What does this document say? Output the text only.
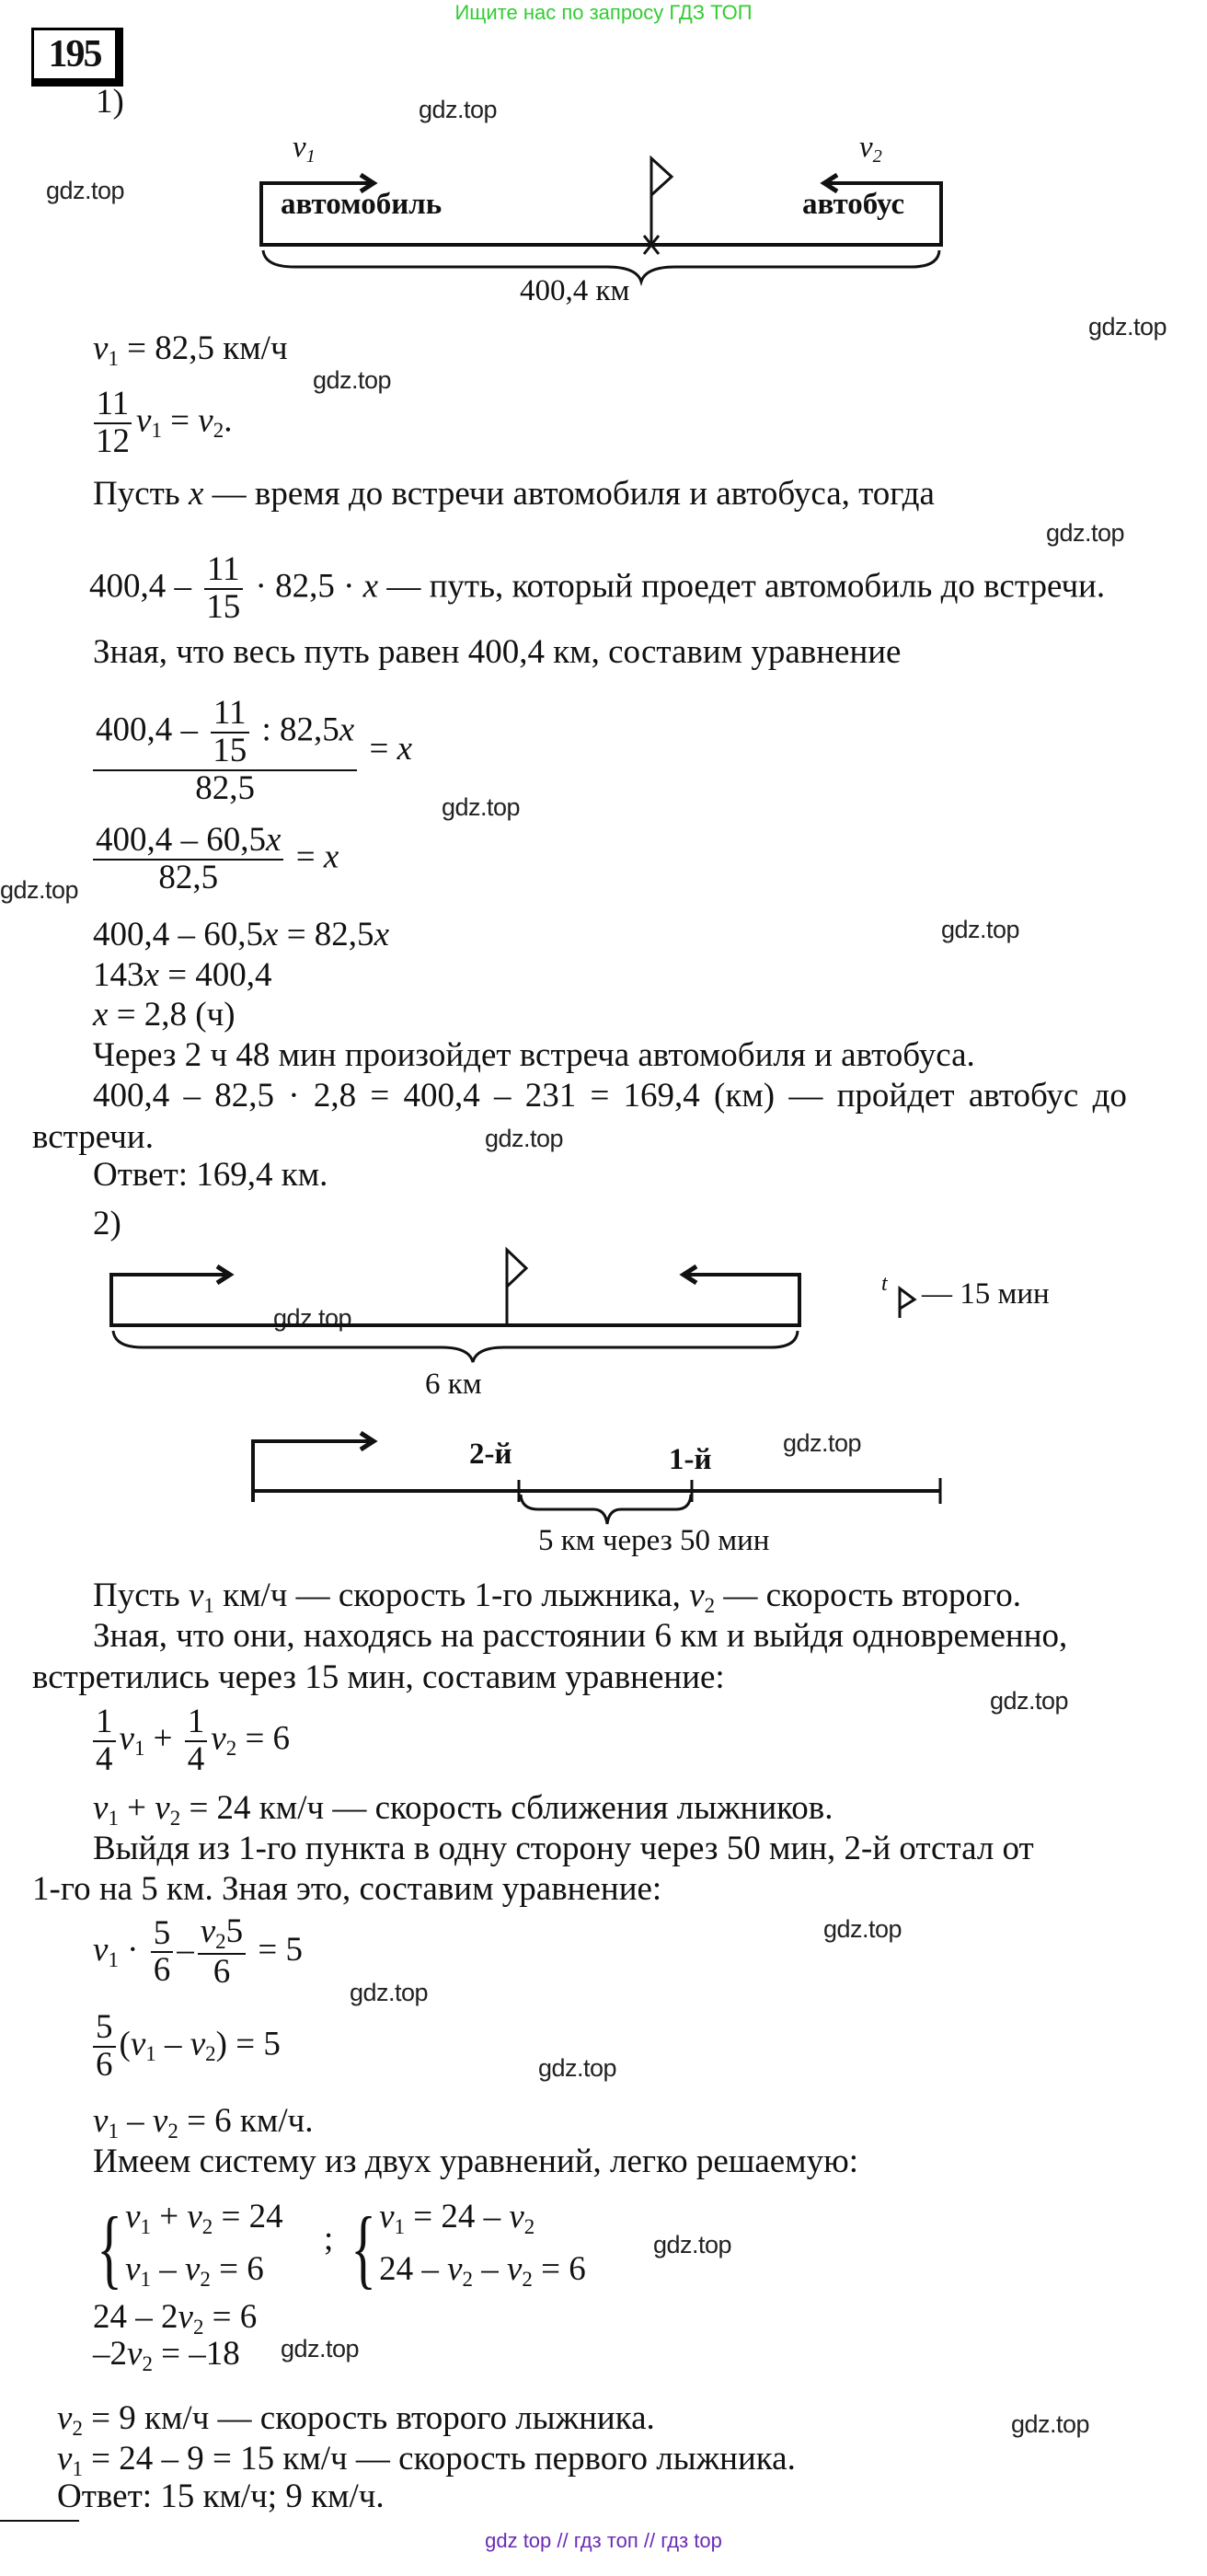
Ищите нас по запросу ГДЗ ТОП
195
gdz.top
gdz.top
gdz.top
gdz.top
gdz.top
gdz.top
gdz.top
gdz.top
gdz.top
gdz.top
gdz.top
gdz.top
gdz.top
gdz.top
gdz.top
gdz.top
gdz.top
gdz.top
1)
$v_1$	$v_2$
автомобиль	автобус
400,4 км
$v_1 = 82,5$ км/ч
$\frac{11}{12} v_1 = v_2$.
Пусть x — время до встречи автомобиля и автобуса, тогда
$400,4 - \frac{11}{15} \cdot 82,5 \cdot x$ — путь, который проедет автомобиль до встречи.
Зная, что весь путь равен 400,4 км, составим уравнение
$\frac{400,4 - \frac{11}{15} : 82,5x}{82,5} = x$
$\frac{400,4 - 60,5x}{82,5} = x$
400,4 – 60,5x = 82,5x
143x = 400,4
x = 2,8 (ч)
Через 2 ч 48 мин произойдет встреча автомобиля и автобуса.
400,4 – 82,5 · 2,8 = 400,4 – 231 = 169,4 (км) — пройдет автобус до
встречи.
Ответ: 169,4 км.
2)
6 км
t — 15 мин
2-й	1-й
5 км через 50 мин
Пусть $v_1$ км/ч — скорость 1-го лыжника, $v_2$ — скорость второго.
Зная, что они, находясь на расстоянии 6 км и выйдя одновременно,
встретились через 15 мин, составим уравнение:
$\frac{1}{4} v_1 + \frac{1}{4} v_2 = 6$
$v_1 + v_2 = 24$ км/ч — скорость сближения лыжников.
Выйдя из 1-го пункта в одну сторону через 50 мин, 2-й отстал от
1-го на 5 км. Зная это, составим уравнение:
$v_1 \cdot \frac{5}{6} - \frac{v_25}{6} = 5$
$\frac{5}{6} (v_1 - v_2) = 5$
$v_1 - v_2 = 6$ км/ч.
Имеем систему из двух уравнений, легко решаемую:
{ $v_1 + v_2 = 24$
$v_1 - v_2 = 6$
; { $v_1 = 24 - v_2$
$24 - v_2 - v_2 = 6$
$24 - 2v_2 = 6$
$-2v_2 = -18$
$v_2 = 9$ км/ч — скорость второго лыжника.
$v_1 = 24 - 9 = 15$ км/ч — скорость первого лыжника.
Ответ: 15 км/ч; 9 км/ч.
gdz top // гдз топ // гдз top
